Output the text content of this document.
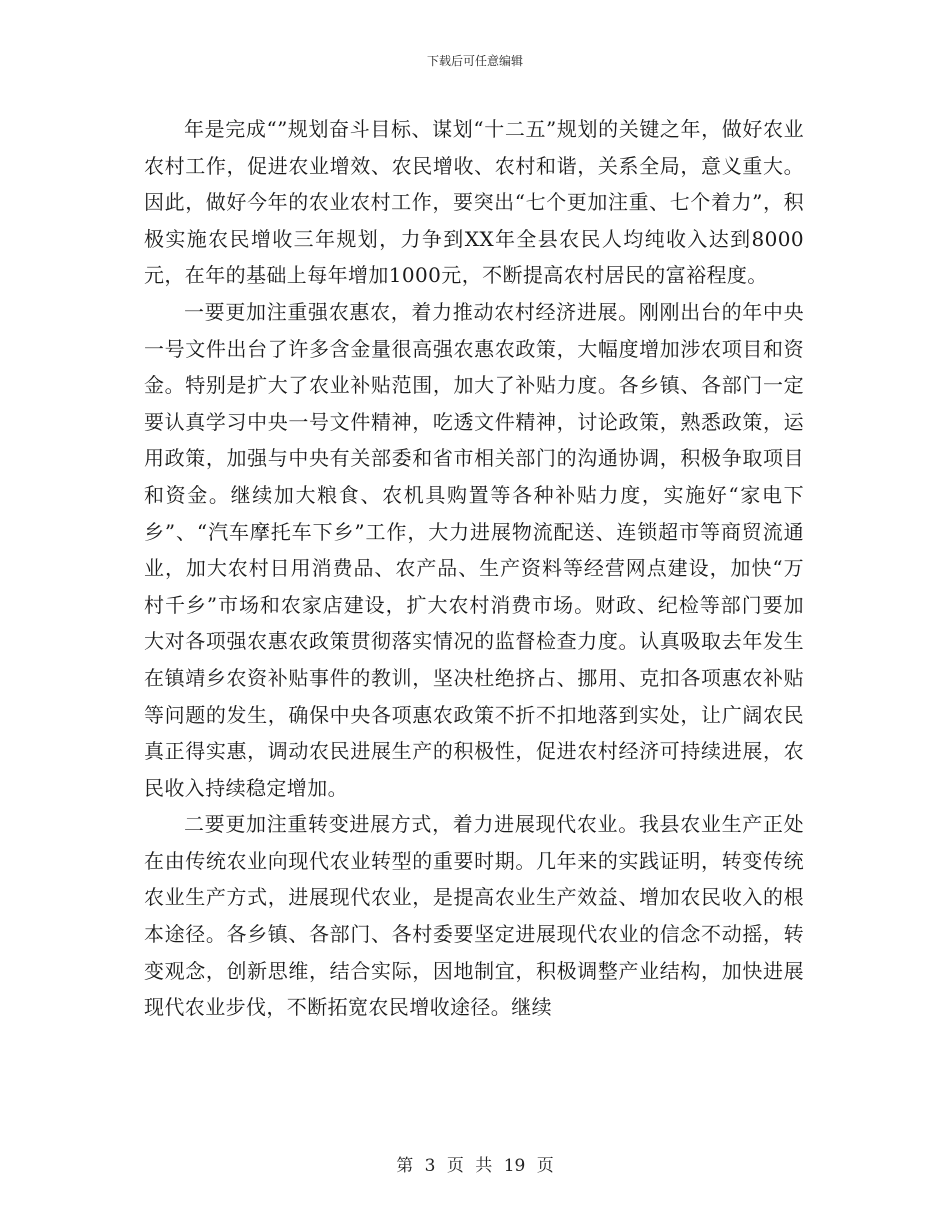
下载后可任意编辑

年是完成“”规划奋斗目标、谋划“十二五”规划的关键之年，做好农业农村工作，促进农业增效、农民增收、农村和谐，关系全局，意义重大。因此，做好今年的农业农村工作，要突出“七个更加注重、七个着力”，积极实施农民增收三年规划，力争到XX年全县农民人均纯收入达到8000元，在年的基础上每年增加1000元，不断提高农村居民的富裕程度。

一要更加注重强农惠农，着力推动农村经济进展。刚刚出台的年中央一号文件出台了许多含金量很高强农惠农政策，大幅度增加涉农项目和资金。特别是扩大了农业补贴范围，加大了补贴力度。各乡镇、各部门一定要认真学习中央一号文件精神，吃透文件精神，讨论政策，熟悉政策，运用政策，加强与中央有关部委和省市相关部门的沟通协调，积极争取项目和资金。继续加大粮食、农机具购置等各种补贴力度，实施好“家电下乡”、“汽车摩托车下乡”工作，大力进展物流配送、连锁超市等商贸流通业，加大农村日用消费品、农产品、生产资料等经营网点建设，加快“万村千乡”市场和农家店建设，扩大农村消费市场。财政、纪检等部门要加大对各项强农惠农政策贯彻落实情况的监督检查力度。认真吸取去年发生在镇靖乡农资补贴事件的教训，坚决杜绝挤占、挪用、克扣各项惠农补贴等问题的发生，确保中央各项惠农政策不折不扣地落到实处，让广阔农民真正得实惠，调动农民进展生产的积极性，促进农村经济可持续进展，农民收入持续稳定增加。

二要更加注重转变进展方式，着力进展现代农业。我县农业生产正处在由传统农业向现代农业转型的重要时期。几年来的实践证明，转变传统农业生产方式，进展现代农业，是提高农业生产效益、增加农民收入的根本途径。各乡镇、各部门、各村委要坚定进展现代农业的信念不动摇，转变观念，创新思维，结合实际，因地制宜，积极调整产业结构，加快进展现代农业步伐，不断拓宽农民增收途径。继续

第 3 页 共 19 页
